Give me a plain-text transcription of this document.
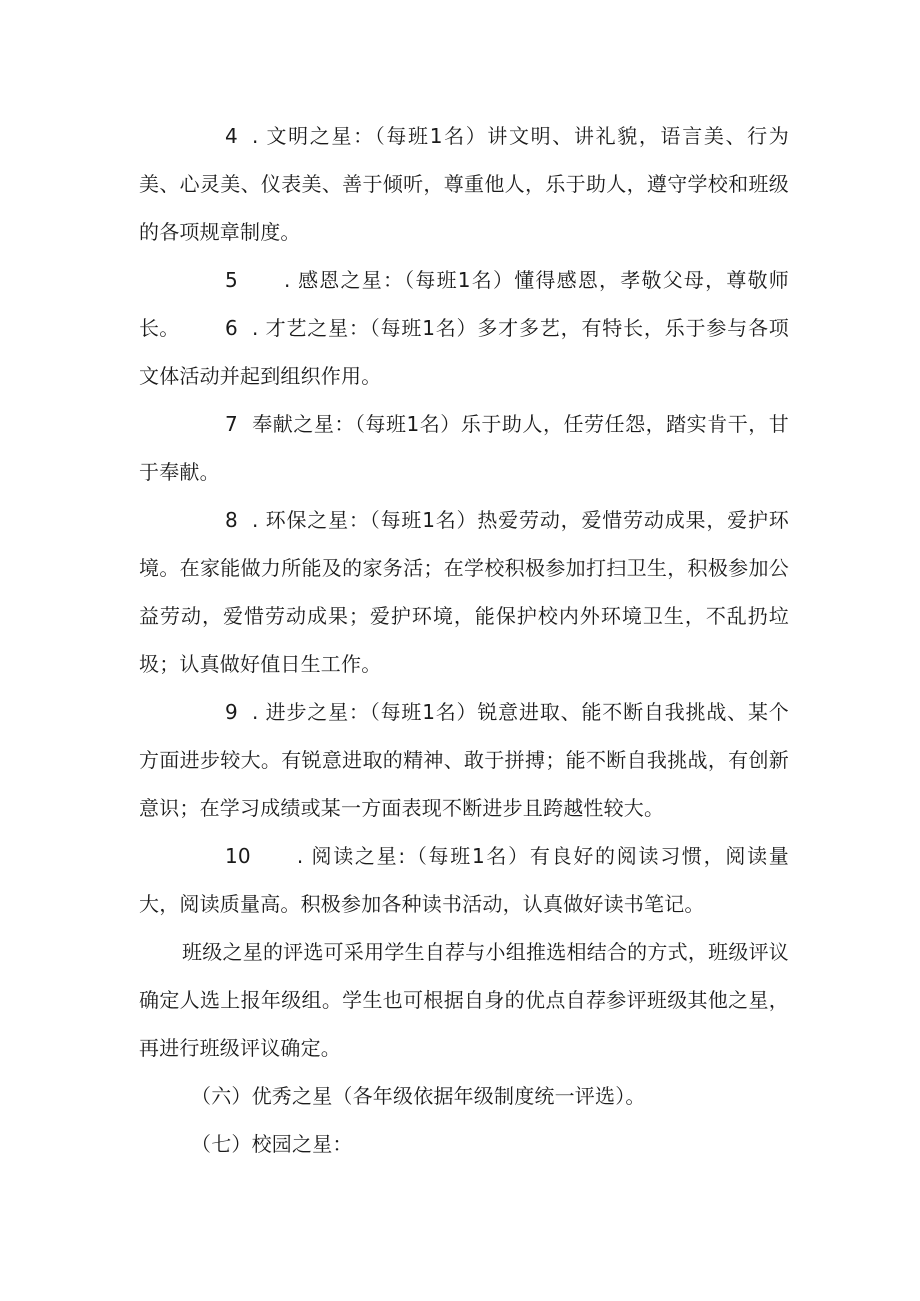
4 . 文明之星：（每班1名）讲文明、讲礼貌，语言美、行为美、心灵美、仪表美、善于倾听，尊重他人，乐于助人，遵守学校和班级的各项规章制度。

5 . 感恩之星：（每班1名）懂得感恩，孝敬父母，尊敬师长。	6 . 才艺之星：（每班1名）多才多艺，有特长，乐于参与各项文体活动并起到组织作用。

7 奉献之星：（每班1名）乐于助人，任劳任怨，踏实肯干，甘于奉献。

8 . 环保之星：（每班1名）热爱劳动，爱惜劳动成果，爱护环境。在家能做力所能及的家务活；在学校积极参加打扫卫生，积极参加公益劳动，爱惜劳动成果；爱护环境，能保护校内外环境卫生，不乱扔垃圾；认真做好值日生工作。

9 . 进步之星：（每班1名）锐意进取、能不断自我挑战、某个方面进步较大。有锐意进取的精神、敢于拼搏；能不断自我挑战，有创新意识；在学习成绩或某一方面表现不断进步且跨越性较大。

10 . 阅读之星:（每班1名）有良好的阅读习惯，阅读量大，阅读质量高。积极参加各种读书活动，认真做好读书笔记。

班级之星的评选可采用学生自荐与小组推选相结合的方式，班级评议确定人选上报年级组。学生也可根据自身的优点自荐参评班级其他之星，再进行班级评议确定。

（六）优秀之星（各年级依据年级制度统一评选）。

（七）校园之星：
